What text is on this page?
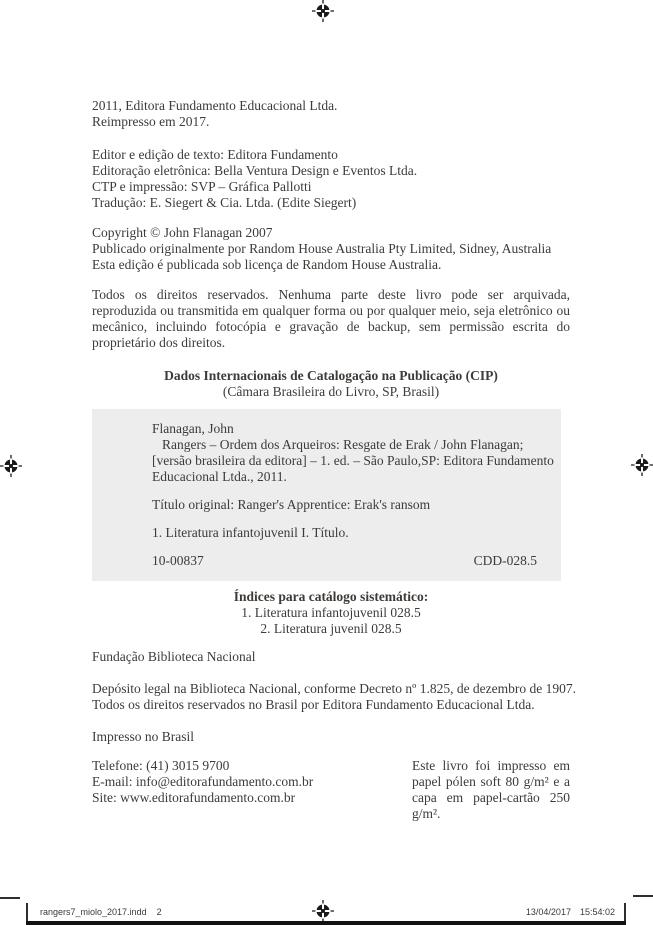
2011, Editora Fundamento Educacional Ltda.
Reimpresso em 2017.
Editor e edição de texto: Editora Fundamento
Editoração eletrônica: Bella Ventura Design e Eventos Ltda.
CTP e impressão: SVP – Gráfica Pallotti
Tradução: E. Siegert & Cia. Ltda. (Edite Siegert)
Copyright © John Flanagan 2007
Publicado originalmente por Random House Australia Pty Limited, Sidney, Australia
Esta edição é publicada sob licença de Random House Australia.
Todos os direitos reservados. Nenhuma parte deste livro pode ser arquivada, reproduzida ou transmitida em qualquer forma ou por qualquer meio, seja eletrônico ou mecânico, incluindo fotocópia e gravação de backup, sem permissão escrita do proprietário dos direitos.
Dados Internacionais de Catalogação na Publicação (CIP)
(Câmara Brasileira do Livro, SP, Brasil)
Flanagan, John
Rangers – Ordem dos Arqueiros: Resgate de Erak / John Flanagan;
[versão brasileira da editora] – 1. ed. – São Paulo,SP: Editora Fundamento
Educacional Ltda., 2011.
Título original: Ranger's Apprentice: Erak's ransom
1. Literatura infantojuvenil I. Título.
10-00837	CDD-028.5
Índices para catálogo sistemático:
1. Literatura infantojuvenil 028.5
2. Literatura juvenil 028.5
Fundação Biblioteca Nacional
Depósito legal na Biblioteca Nacional, conforme Decreto nº 1.825, de dezembro de 1907.
Todos os direitos reservados no Brasil por Editora Fundamento Educacional Ltda.
Impresso no Brasil
Telefone: (41) 3015 9700
E-mail: info@editorafundamento.com.br
Site: www.editorafundamento.com.br
Este livro foi impresso em papel pólen soft 80 g/m² e a capa em papel-cartão 250 g/m².
rangers7_miolo_2017.indd 2	13/04/2017 15:54:02
